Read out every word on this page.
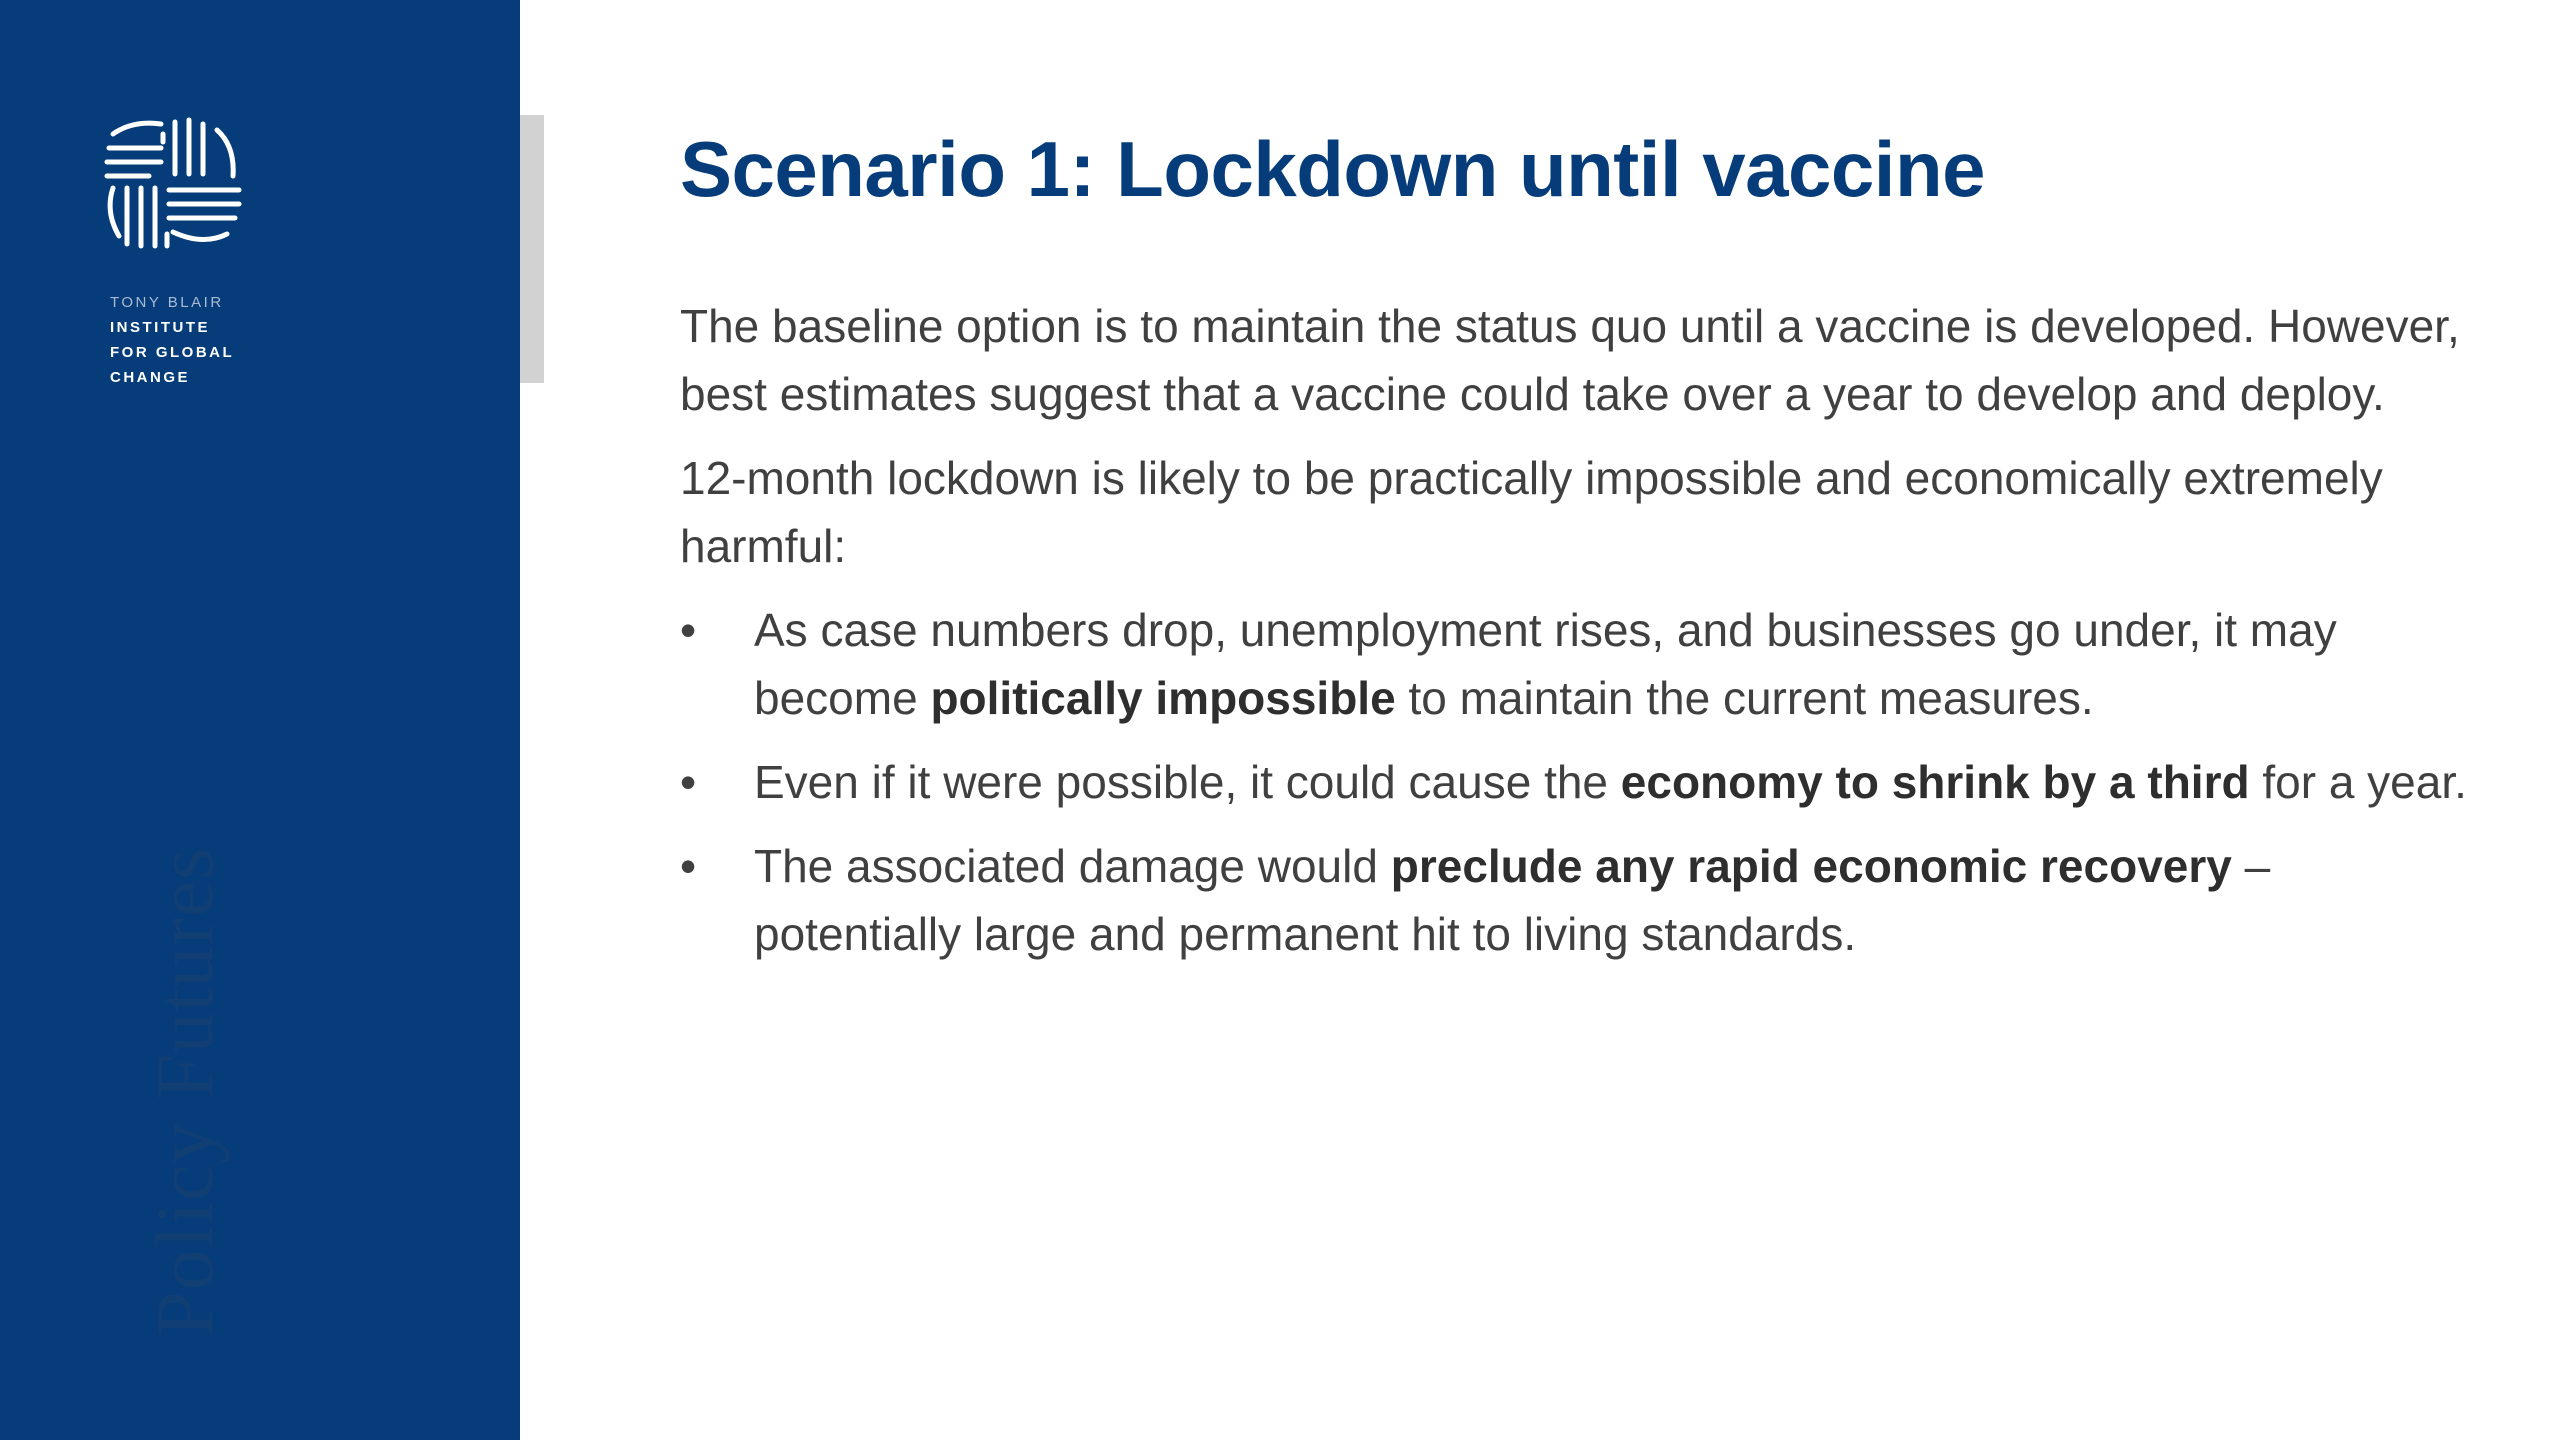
TONY BLAIR
INSTITUTE
FOR GLOBAL
CHANGE
Policy Futures
Scenario 1: Lockdown until vaccine

The baseline option is to maintain the status quo until a vaccine is developed. However, best estimates suggest that a vaccine could take over a year to develop and deploy.

12-month lockdown is likely to be practically impossible and economically extremely harmful:

• As case numbers drop, unemployment rises, and businesses go under, it may become politically impossible to maintain the current measures.
• Even if it were possible, it could cause the economy to shrink by a third for a year.
• The associated damage would preclude any rapid economic recovery – potentially large and permanent hit to living standards.
